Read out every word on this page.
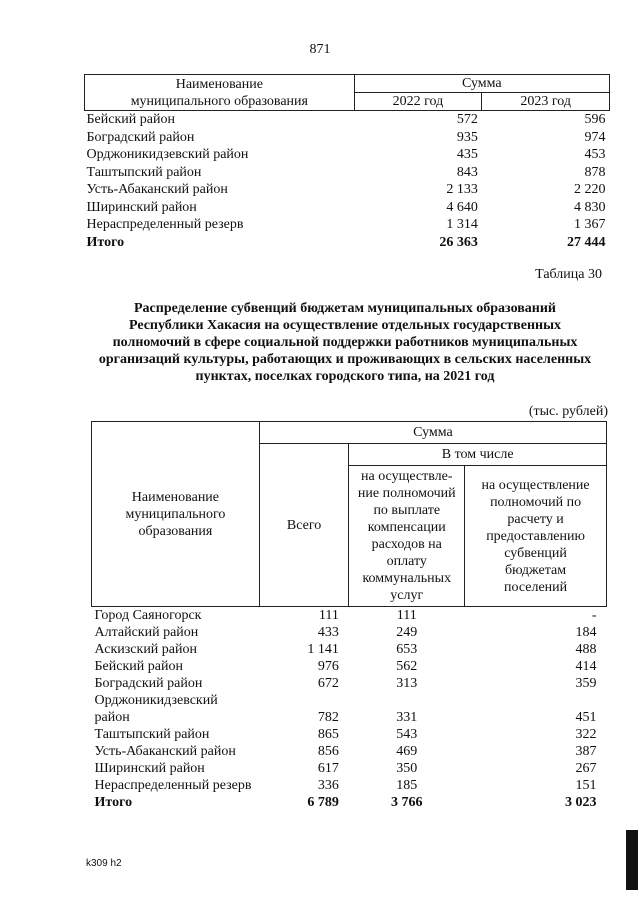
871
Наименование муниципального образования	Сумма	
	2022 год	2023 год
Бейский район	572	596
Боградский район	935	974
Орджоникидзевский район	435	453
Таштыпский район	843	878
Усть-Абаканский район	2 133	2 220
Ширинский район	4 640	4 830
Нераспределенный резерв	1 314	1 367
Итого	26 363	27 444
Таблица 30
Распределение субвенций бюджетам муниципальных образований Республики Хакасия на осуществление отдельных государственных полномочий в сфере социальной поддержки работников муниципальных организаций культуры, работающих и проживающих в сельских населенных пунктах, поселках городского типа, на 2021 год
(тыс. рублей)
Наименование муниципального образования	Сумма		
	Всего	В том числе	
		на осуществле-ние полномочий по выплате компенсации расходов на оплату коммунальных услуг	на осуществление полномочий по расчету и предоставлению субвенций бюджетам поселений
Город Саяногорск	111	111	-
Алтайский район	433	249	184
Аскизский район	1 141	653	488
Бейский район	976	562	414
Боградский район	672	313	359
Орджоникидзевский район	782	331	451
Таштыпский район	865	543	322
Усть-Абаканский район	856	469	387
Ширинский район	617	350	267
Нераспределенный резерв	336	185	151
Итого	6 789	3 766	3 023
k309 h2
